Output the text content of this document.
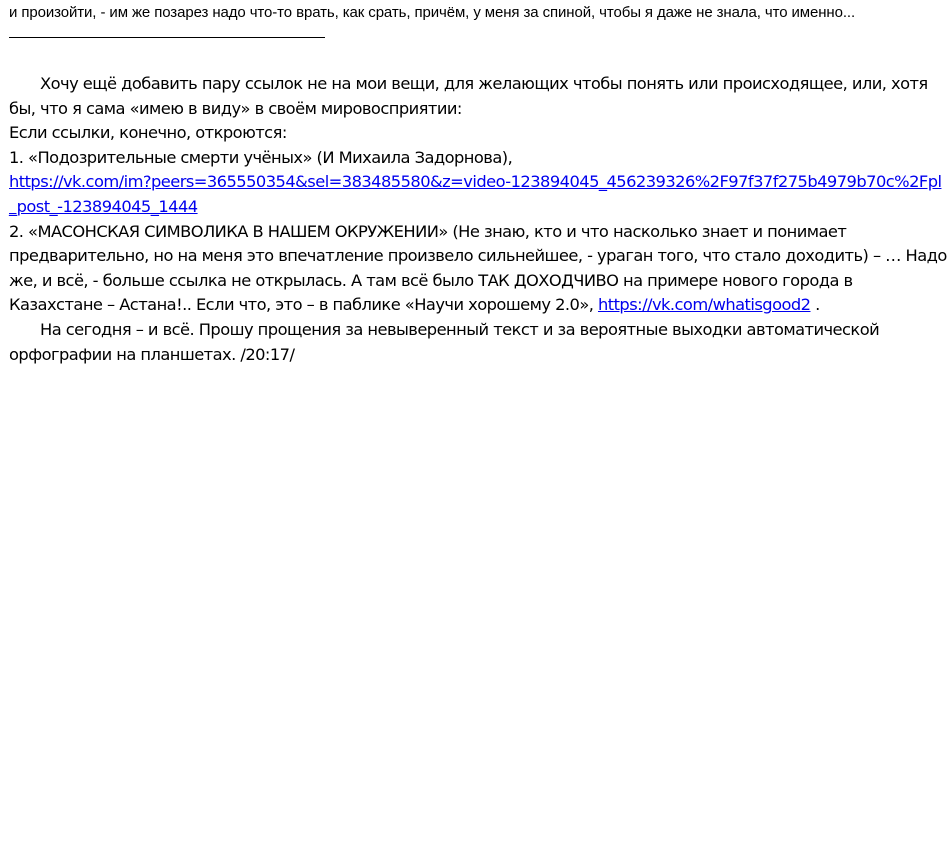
и произойти, - им же позарез надо что-то врать, как срать, причём, у меня за спиной, чтобы я даже не знала, что именно...

Хочу ещё добавить пару ссылок не на мои вещи, для желающих чтобы понять или происходящее, или, хотя бы, что я сама «имею в виду» в своём мировосприятии:

Если ссылки, конечно, откроются:

1. «Подозрительные смерти учёных» (И Михаила Задорнова),
https://vk.com/im?peers=365550354&sel=383485580&z=video-123894045_456239326%2F97f37f275b4979b70c%2Fpl_post_-123894045_1444

2. «МАСОНСКАЯ СИМВОЛИКА В НАШЕМ ОКРУЖЕНИИ» (Не знаю, кто и что насколько знает и понимает предварительно, но на меня это впечатление произвело сильнейшее, - ураган того, что стало доходить) – … Надо же, и всё, - больше ссылка не открылась. А там всё было ТАК ДОХОДЧИВО на примере нового города в Казахстане – Астана!.. Если что, это – в паблике «Научи хорошему 2.0», https://vk.com/whatisgood2 .

На сегодня – и всё. Прошу прощения за невыверенный текст и за вероятные выходки автоматической орфографии на планшетах. /20:17/
